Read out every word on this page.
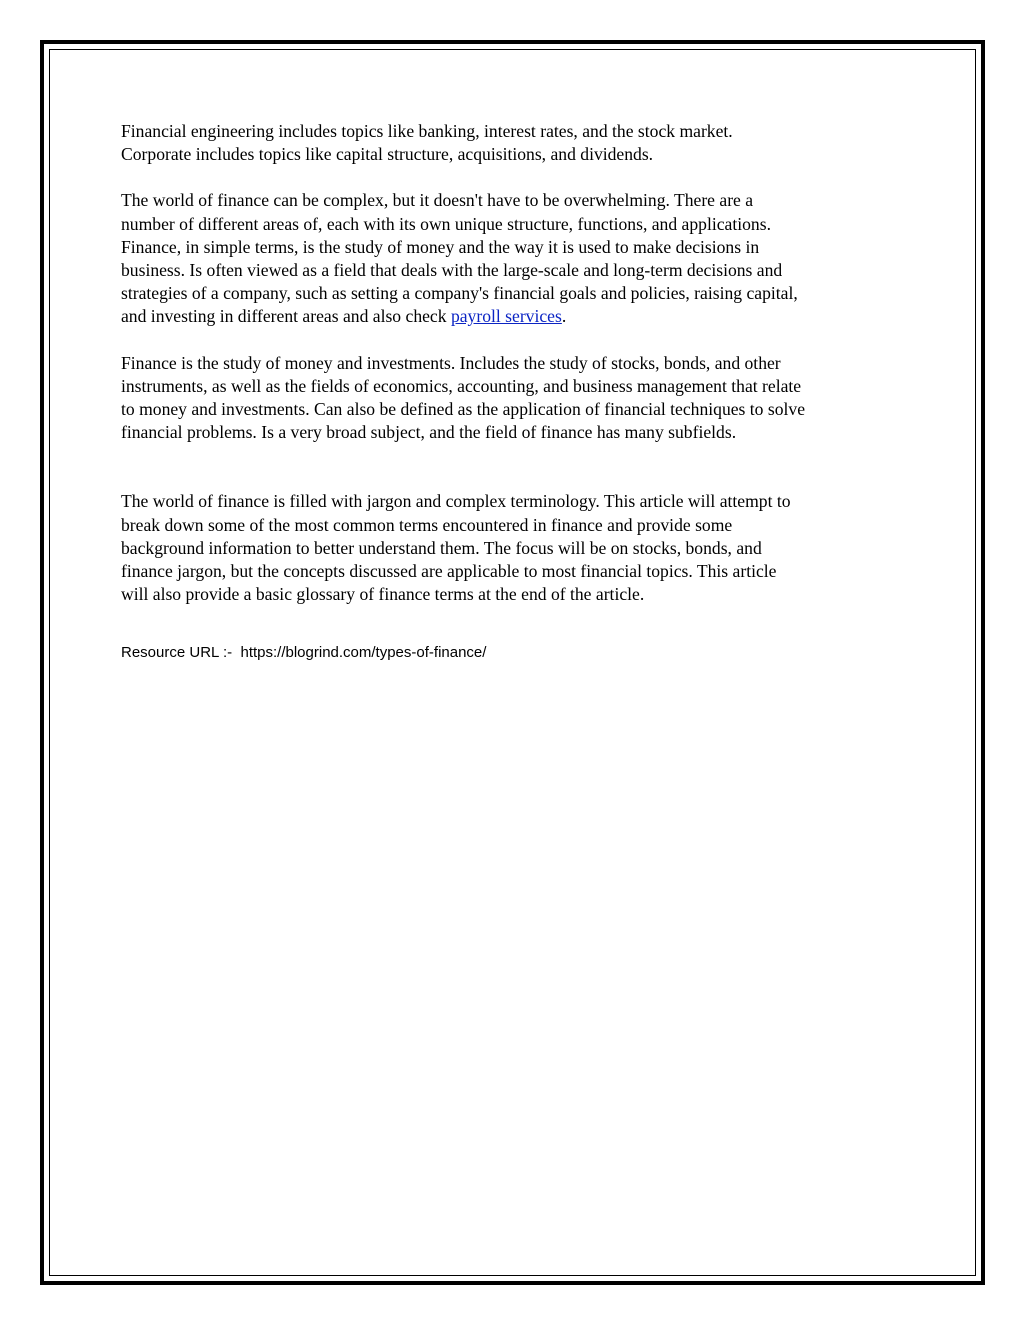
Financial engineering includes topics like banking, interest rates, and the stock market.
Corporate includes topics like capital structure, acquisitions, and dividends.

The world of finance can be complex, but it doesn't have to be overwhelming. There are a
number of different areas of, each with its own unique structure, functions, and applications.
Finance, in simple terms, is the study of money and the way it is used to make decisions in
business. Is often viewed as a field that deals with the large-scale and long-term decisions and
strategies of a company, such as setting a company's financial goals and policies, raising capital,
and investing in different areas and also check payroll services.

Finance is the study of money and investments. Includes the study of stocks, bonds, and other
instruments, as well as the fields of economics, accounting, and business management that relate
to money and investments. Can also be defined as the application of financial techniques to solve
financial problems. Is a very broad subject, and the field of finance has many subfields.

The world of finance is filled with jargon and complex terminology. This article will attempt to
break down some of the most common terms encountered in finance and provide some
background information to better understand them. The focus will be on stocks, bonds, and
finance jargon, but the concepts discussed are applicable to most financial topics. This article
will also provide a basic glossary of finance terms at the end of the article.

Resource URL :-  https://blogrind.com/types-of-finance/
